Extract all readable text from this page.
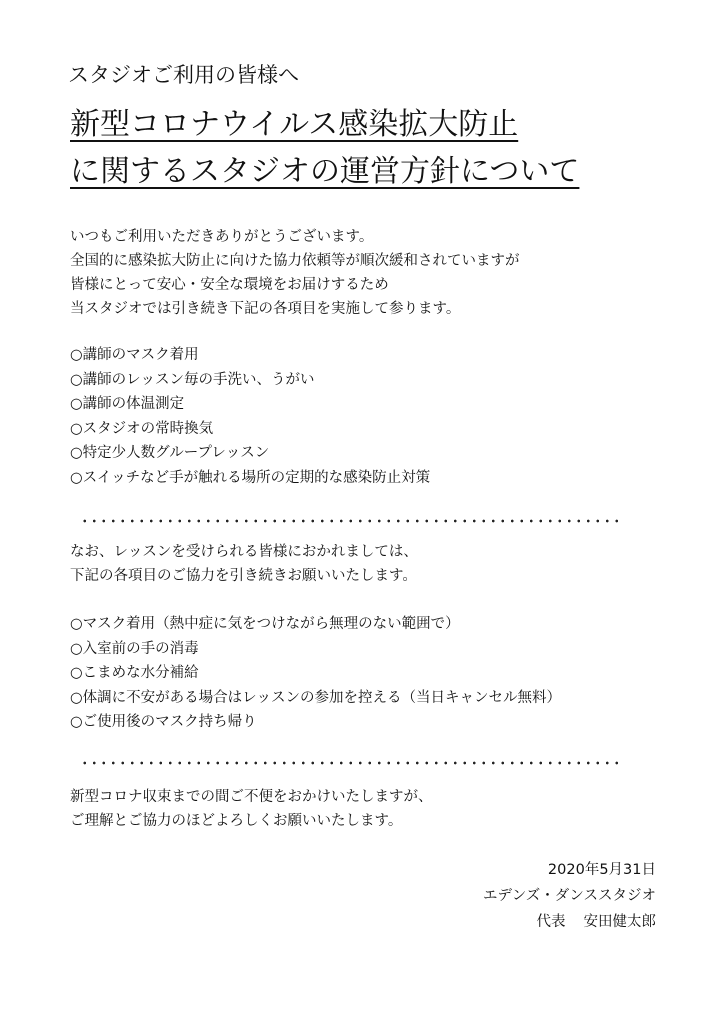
スタジオご利用の皆様へ
新型コロナウイルス感染拡大防止
に関するスタジオの運営方針について
いつもご利用いただきありがとうございます。
全国的に感染拡大防止に向けた協力依頼等が順次緩和されていますが
皆様にとって安心・安全な環境をお届けするため
当スタジオでは引き続き下記の各項目を実施して参ります。
○講師のマスク着用
○講師のレッスン毎の手洗い、うがい
○講師の体温測定
○スタジオの常時換気
○特定少人数グループレッスン
○スイッチなど手が触れる場所の定期的な感染防止対策
なお、レッスンを受けられる皆様におかれましては、
下記の各項目のご協力を引き続きお願いいたします。
○マスク着用（熱中症に気をつけながら無理のない範囲で）
○入室前の手の消毒
○こまめな水分補給
○体調に不安がある場合はレッスンの参加を控える（当日キャンセル無料）
○ご使用後のマスク持ち帰り
新型コロナ収束までの間ご不便をおかけいたしますが、
ご理解とご協力のほどよろしくお願いいたします。
2020年5月31日
エデンズ・ダンススタジオ
代表 安田健太郎
